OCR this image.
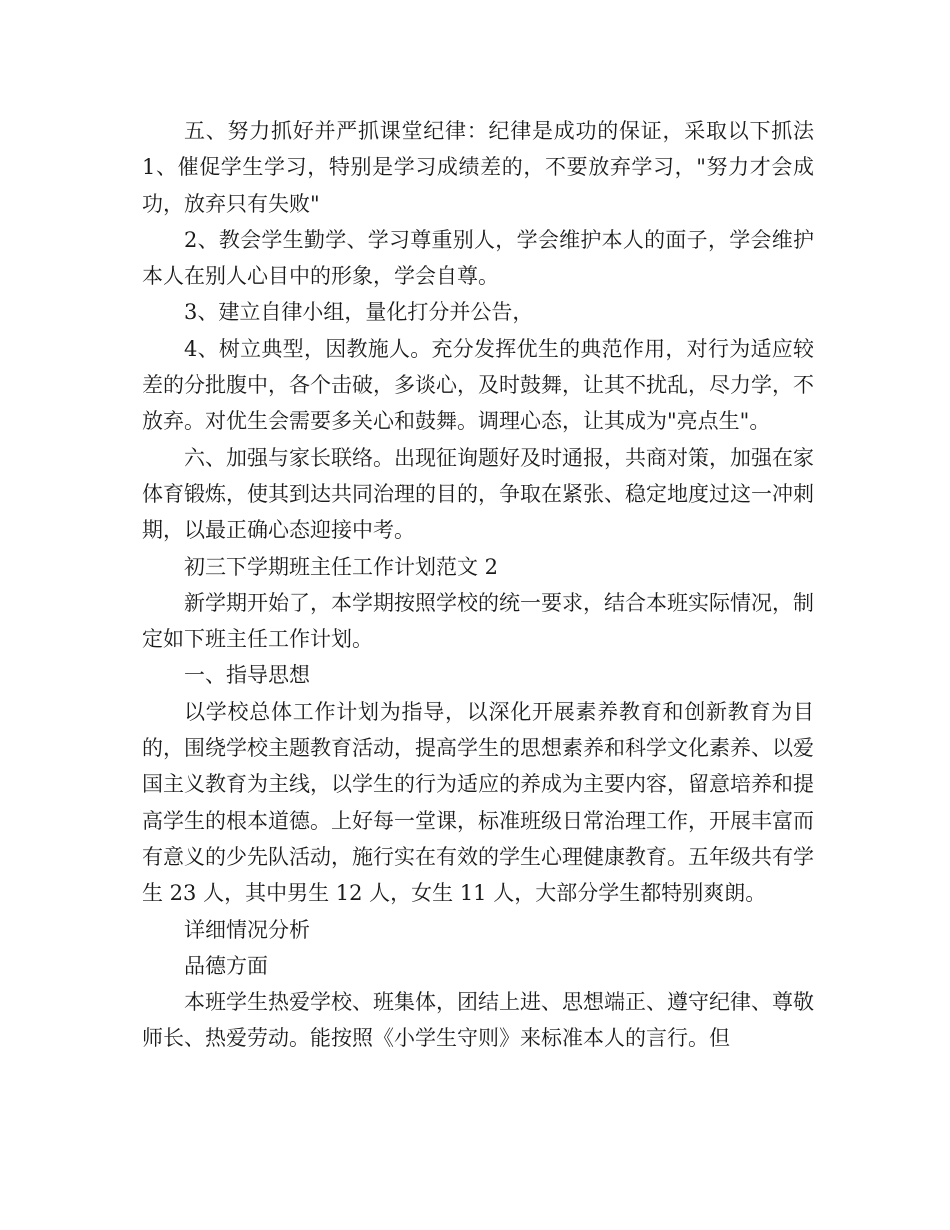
五、努力抓好并严抓课堂纪律：纪律是成功的保证，采取以下抓法　　1、催促学生学习，特别是学习成绩差的，不要放弃学习，"努力才会成功，放弃只有失败"

2、教会学生勤学、学习尊重别人，学会维护本人的面子，学会维护本人在别人心目中的形象，学会自尊。

3、建立自律小组，量化打分并公告，

4、树立典型，因教施人。充分发挥优生的典范作用，对行为适应较差的分批腹中，各个击破，多谈心，及时鼓舞，让其不扰乱，尽力学，不放弃。对优生会需要多关心和鼓舞。调理心态，让其成为"亮点生"。

六、加强与家长联络。出现征询题好及时通报，共商对策，加强在家体育锻炼，使其到达共同治理的目的，争取在紧张、稳定地度过这一冲刺期，以最正确心态迎接中考。

初三下学期班主任工作计划范文 2

新学期开始了，本学期按照学校的统一要求，结合本班实际情况，制定如下班主任工作计划。

一、指导思想

以学校总体工作计划为指导，以深化开展素养教育和创新教育为目的，围绕学校主题教育活动，提高学生的思想素养和科学文化素养、以爱国主义教育为主线，以学生的行为适应的养成为主要内容，留意培养和提高学生的根本道德。上好每一堂课，标准班级日常治理工作，开展丰富而有意义的少先队活动，施行实在有效的学生心理健康教育。五年级共有学生 23 人，其中男生 12 人，女生 11 人，大部分学生都特别爽朗。

详细情况分析

品德方面

本班学生热爱学校、班集体，团结上进、思想端正、遵守纪律、尊敬师长、热爱劳动。能按照《小学生守则》来标准本人的言行。但
